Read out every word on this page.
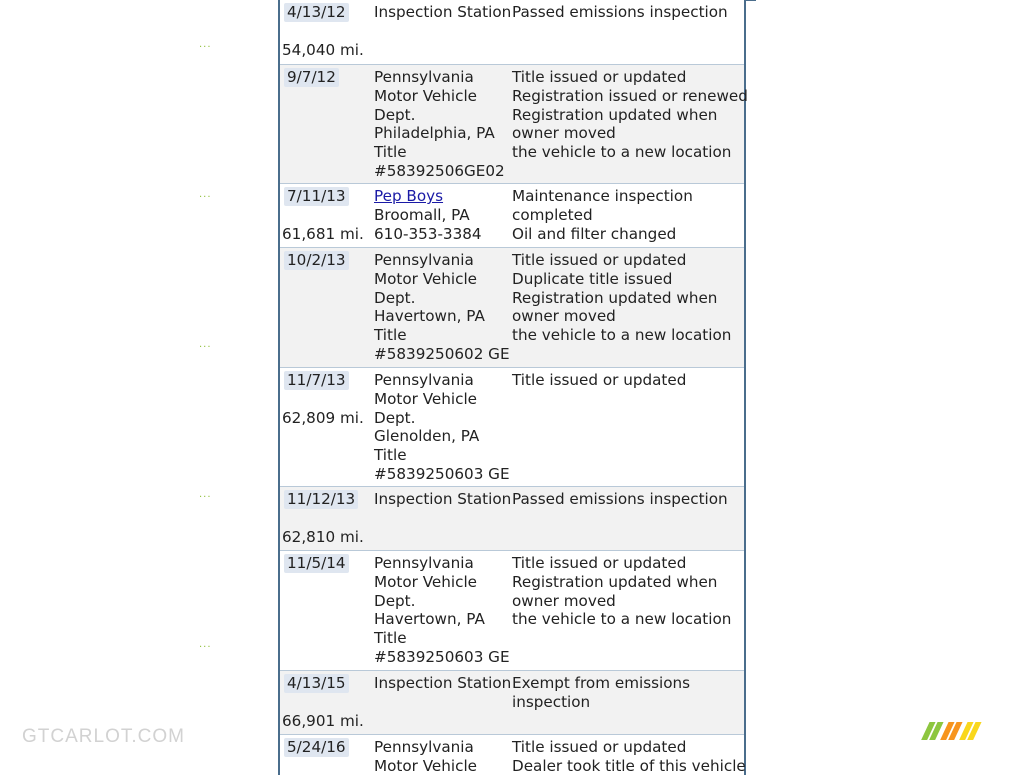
4/13/12
54,040 mi.
Inspection Station Passed emissions inspection
9/7/12	Pennsylvania
Motor Vehicle
Dept.
Philadelphia, PA
Title
#58392506GE02
Title issued or updated
Registration issued or renewed
Registration updated when
owner moved
the vehicle to a new location
7/11/13
61,681 mi.
Pep Boys
Broomall, PA
610-353-3384
Maintenance inspection
completed
Oil and filter changed
10/2/13 Pennsylvania
Motor Vehicle
Dept.
Havertown, PA
Title
#5839250602 GE
Title issued or updated
Duplicate title issued
Registration updated when
owner moved
the vehicle to a new location
11/7/13
62,809 mi.
Pennsylvania
Motor Vehicle
Dept.
Glenolden, PA
Title
#5839250603 GE
Title issued or updated
11/12/13
62,810 mi.
Inspection Station Passed emissions inspection
11/5/14 Pennsylvania
Motor Vehicle
Dept.
Havertown, PA
Title
#5839250603 GE
Title issued or updated
Registration updated when
owner moved
the vehicle to a new location
4/13/15
66,901 mi.
Inspection Station Exempt from emissions
inspection
5/24/16 Pennsylvania
Motor Vehicle
Title issued or updated
Dealer took title of this vehicle
···
···
···
···
···
GTCARLOT.COM
